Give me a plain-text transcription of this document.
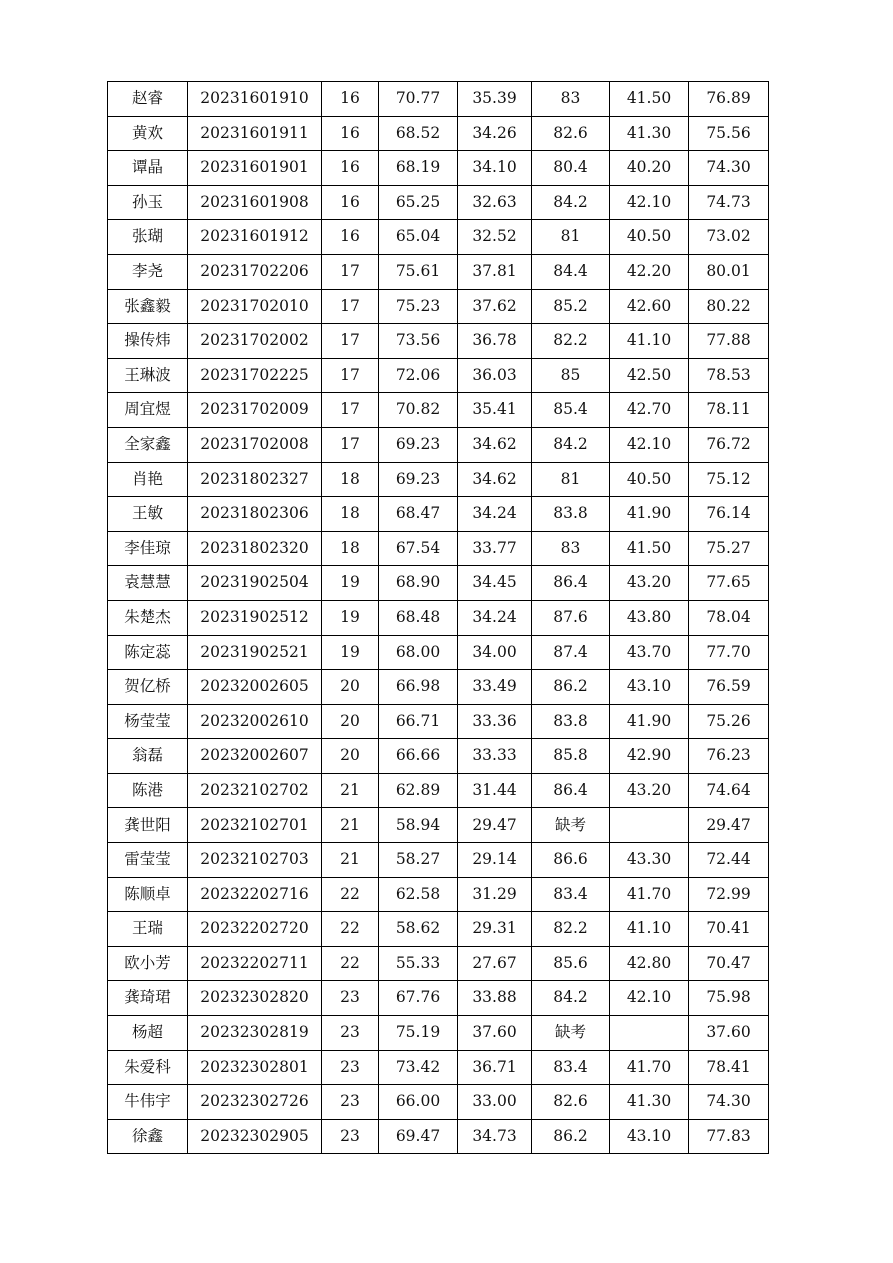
赵睿	20231601910	16	70.77	35.39	83	41.50	76.89
黄欢	20231601911	16	68.52	34.26	82.6	41.30	75.56
谭晶	20231601901	16	68.19	34.10	80.4	40.20	74.30
孙玉	20231601908	16	65.25	32.63	84.2	42.10	74.73
张瑚	20231601912	16	65.04	32.52	81	40.50	73.02
李尧	20231702206	17	75.61	37.81	84.4	42.20	80.01
张鑫毅	20231702010	17	75.23	37.62	85.2	42.60	80.22
操传炜	20231702002	17	73.56	36.78	82.2	41.10	77.88
王琳波	20231702225	17	72.06	36.03	85	42.50	78.53
周宜煜	20231702009	17	70.82	35.41	85.4	42.70	78.11
全家鑫	20231702008	17	69.23	34.62	84.2	42.10	76.72
肖艳	20231802327	18	69.23	34.62	81	40.50	75.12
王敏	20231802306	18	68.47	34.24	83.8	41.90	76.14
李佳琼	20231802320	18	67.54	33.77	83	41.50	75.27
袁慧慧	20231902504	19	68.90	34.45	86.4	43.20	77.65
朱楚杰	20231902512	19	68.48	34.24	87.6	43.80	78.04
陈定蕊	20231902521	19	68.00	34.00	87.4	43.70	77.70
贺亿桥	20232002605	20	66.98	33.49	86.2	43.10	76.59
杨莹莹	20232002610	20	66.71	33.36	83.8	41.90	75.26
翁磊	20232002607	20	66.66	33.33	85.8	42.90	76.23
陈港	20232102702	21	62.89	31.44	86.4	43.20	74.64
龚世阳	20232102701	21	58.94	29.47	缺考		29.47
雷莹莹	20232102703	21	58.27	29.14	86.6	43.30	72.44
陈顺卓	20232202716	22	62.58	31.29	83.4	41.70	72.99
王瑞	20232202720	22	58.62	29.31	82.2	41.10	70.41
欧小芳	20232202711	22	55.33	27.67	85.6	42.80	70.47
龚琦珺	20232302820	23	67.76	33.88	84.2	42.10	75.98
杨超	20232302819	23	75.19	37.60	缺考		37.60
朱爱科	20232302801	23	73.42	36.71	83.4	41.70	78.41
牛伟宇	20232302726	23	66.00	33.00	82.6	41.30	74.30
徐鑫	20232302905	23	69.47	34.73	86.2	43.10	77.83
